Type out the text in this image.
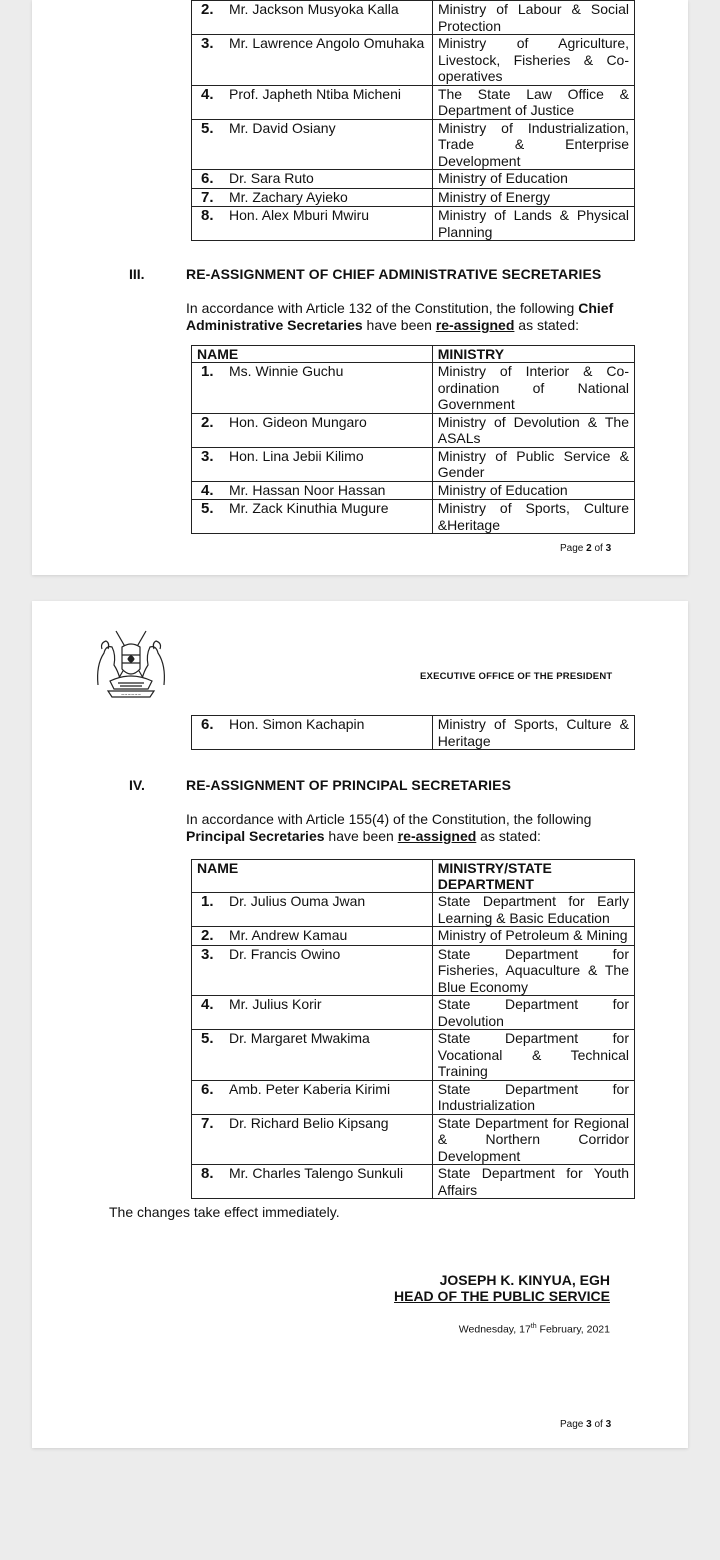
2. Mr. Jackson Musyoka Kalla	Ministry of Labour & Social Protection
3. Mr. Lawrence Angolo Omuhaka	Ministry of Agriculture, Livestock, Fisheries & Co-operatives
4. Prof. Japheth Ntiba Micheni	The State Law Office & Department of Justice
5. Mr. David Osiany	Ministry of Industrialization, Trade & Enterprise Development
6. Dr. Sara Ruto	Ministry of Education
7. Mr. Zachary Ayieko	Ministry of Energy
8. Hon. Alex Mburi Mwiru	Ministry of Lands & Physical Planning
III.	RE-ASSIGNMENT OF CHIEF ADMINISTRATIVE SECRETARIES
In accordance with Article 132 of the Constitution, the following Chief Administrative Secretaries have been re-assigned as stated:
NAME	MINISTRY
1. Ms. Winnie Guchu	Ministry of Interior & Co-ordination of National Government
2. Hon. Gideon Mungaro	Ministry of Devolution & The ASALs
3. Hon. Lina Jebii Kilimo	Ministry of Public Service & Gender
4. Mr. Hassan Noor Hassan	Ministry of Education
5. Mr. Zack Kinuthia Mugure	Ministry of Sports, Culture &Heritage
Page 2 of 3
~~~~~~
EXECUTIVE OFFICE OF THE PRESIDENT
6. Hon. Simon Kachapin	Ministry of Sports, Culture & Heritage
IV.	RE-ASSIGNMENT OF PRINCIPAL SECRETARIES
In accordance with Article 155(4) of the Constitution, the following Principal Secretaries have been re-assigned as stated:
NAME	MINISTRY/STATE DEPARTMENT
1. Dr. Julius Ouma Jwan	State Department for Early Learning & Basic Education
2. Mr. Andrew Kamau	Ministry of Petroleum & Mining
3. Dr. Francis Owino	State Department for Fisheries, Aquaculture & The Blue Economy
4. Mr. Julius Korir	State Department for Devolution
5. Dr. Margaret Mwakima	State Department for Vocational & Technical Training
6. Amb. Peter Kaberia Kirimi	State Department for Industrialization
7. Dr. Richard Belio Kipsang	State Department for Regional & Northern Corridor Development
8. Mr. Charles Talengo Sunkuli	State Department for Youth Affairs
The changes take effect immediately.
JOSEPH K. KINYUA, EGH
HEAD OF THE PUBLIC SERVICE
Wednesday, 17th February, 2021
Page 3 of 3
